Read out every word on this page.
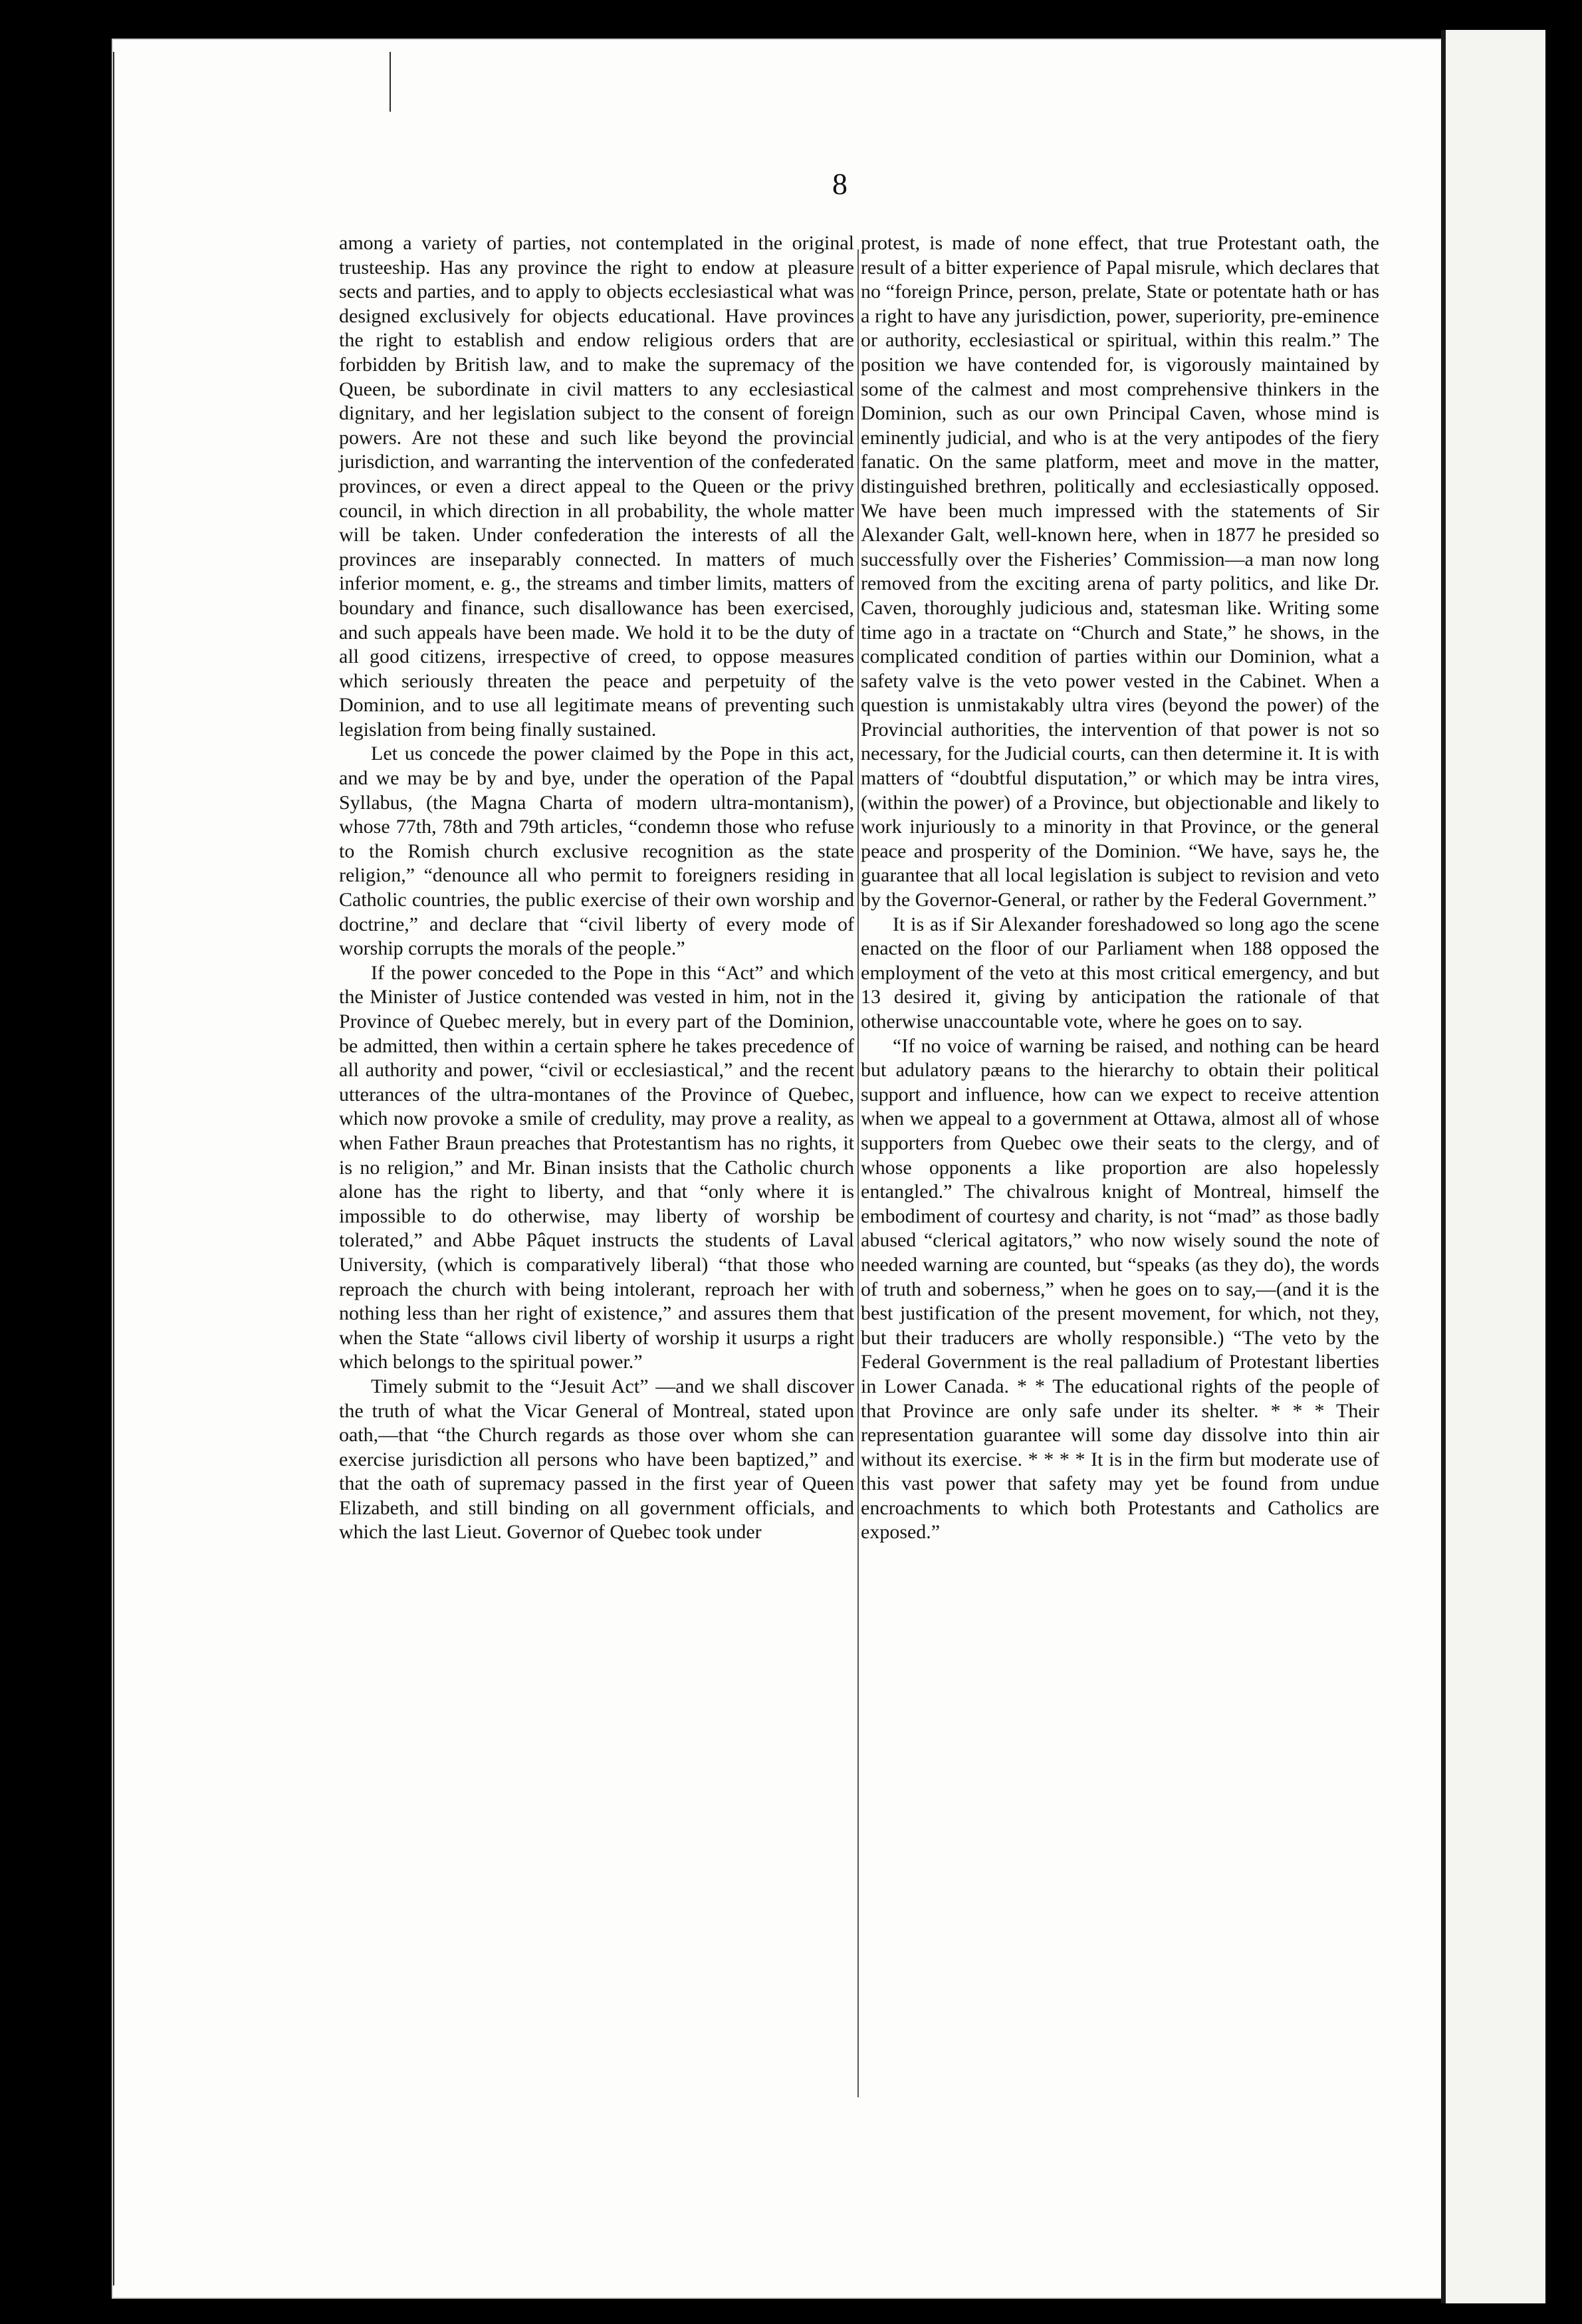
8

among a variety of parties, not contemplated in the original trusteeship. Has any province the right to endow at pleasure sects and parties, and to apply to objects ecclesiastical what was designed exclusively for objects educational. Have provinces the right to establish and endow religious orders that are forbidden by British law, and to make the supremacy of the Queen, be subordinate in civil matters to any ecclesiastical dignitary, and her legislation subject to the consent of foreign powers. Are not these and such like beyond the provincial jurisdiction, and warranting the intervention of the confederated provinces, or even a direct appeal to the Queen or the privy council, in which direction in all probability, the whole matter will be taken. Under confederation the interests of all the provinces are inseparably connected. In matters of much inferior moment, e. g., the streams and timber limits, matters of boundary and finance, such disallowance has been exercised, and such appeals have been made. We hold it to be the duty of all good citizens, irrespective of creed, to oppose measures which seriously threaten the peace and perpetuity of the Dominion, and to use all legitimate means of preventing such legislation from being finally sustained.

Let us concede the power claimed by the Pope in this act, and we may be by and bye, under the operation of the Papal Syllabus, (the Magna Charta of modern ultra-montanism), whose 77th, 78th and 79th articles, “condemn those who refuse to the Romish church exclusive recognition as the state religion,” “denounce all who permit to foreigners residing in Catholic countries, the public exercise of their own worship and doctrine,” and declare that “civil liberty of every mode of worship corrupts the morals of the people.”

If the power conceded to the Pope in this “Act” and which the Minister of Justice contended was vested in him, not in the Province of Quebec merely, but in every part of the Dominion, be admitted, then within a certain sphere he takes precedence of all authority and power, “civil or ecclesiastical,” and the recent utterances of the ultra-montanes of the Province of Quebec, which now provoke a smile of credulity, may prove a reality, as when Father Braun preaches that Protestantism has no rights, it is no religion,” and Mr. Binan insists that the Catholic church alone has the right to liberty, and that “only where it is impossible to do otherwise, may liberty of worship be tolerated,” and Abbe Pâquet instructs the students of Laval University, (which is comparatively liberal) “that those who reproach the church with being intolerant, reproach her with nothing less than her right of existence,” and assures them that when the State “allows civil liberty of worship it usurps a right which belongs to the spiritual power.”

Timely submit to the “Jesuit Act” —and we shall discover the truth of what the Vicar General of Montreal, stated upon oath,—that “the Church regards as those over whom she can exercise jurisdiction all persons who have been baptized,” and that the oath of supremacy passed in the first year of Queen Elizabeth, and still binding on all government officials, and which the last Lieut. Governor of Quebec took under

protest, is made of none effect, that true Protestant oath, the result of a bitter experience of Papal misrule, which declares that no “foreign Prince, person, prelate, State or potentate hath or has a right to have any jurisdiction, power, superiority, pre-eminence or authority, ecclesiastical or spiritual, within this realm.” The position we have contended for, is vigorously maintained by some of the calmest and most comprehensive thinkers in the Dominion, such as our own Principal Caven, whose mind is eminently judicial, and who is at the very antipodes of the fiery fanatic. On the same platform, meet and move in the matter, distinguished brethren, politically and ecclesiastically opposed. We have been much impressed with the statements of Sir Alexander Galt, well-known here, when in 1877 he presided so successfully over the Fisheries’ Commission—a man now long removed from the exciting arena of party politics, and like Dr. Caven, thoroughly judicious and, statesman like. Writing some time ago in a tractate on “Church and State,” he shows, in the complicated condition of parties within our Dominion, what a safety valve is the veto power vested in the Cabinet. When a question is unmistakably ultra vires (beyond the power) of the Provincial authorities, the intervention of that power is not so necessary, for the Judicial courts, can then determine it. It is with matters of “doubtful disputation,” or which may be intra vires, (within the power) of a Province, but objectionable and likely to work injuriously to a minority in that Province, or the general peace and prosperity of the Dominion. “We have, says he, the guarantee that all local legislation is subject to revision and veto by the Governor-General, or rather by the Federal Government.”

It is as if Sir Alexander foreshadowed so long ago the scene enacted on the floor of our Parliament when 188 opposed the employment of the veto at this most critical emergency, and but 13 desired it, giving by anticipation the rationale of that otherwise unaccountable vote, where he goes on to say.

“If no voice of warning be raised, and nothing can be heard but adulatory pæans to the hierarchy to obtain their political support and influence, how can we expect to receive attention when we appeal to a government at Ottawa, almost all of whose supporters from Quebec owe their seats to the clergy, and of whose opponents a like proportion are also hopelessly entangled.” The chivalrous knight of Montreal, himself the embodiment of courtesy and charity, is not “mad” as those badly abused “clerical agitators,” who now wisely sound the note of needed warning are counted, but “speaks (as they do), the words of truth and soberness,” when he goes on to say,—(and it is the best justification of the present movement, for which, not they, but their traducers are wholly responsible.) “The veto by the Federal Government is the real palladium of Protestant liberties in Lower Canada. * * The educational rights of the people of that Province are only safe under its shelter. * * * Their representation guarantee will some day dissolve into thin air without its exercise. * * * * It is in the firm but moderate use of this vast power that safety may yet be found from undue encroachments to which both Protestants and Catholics are exposed.”
